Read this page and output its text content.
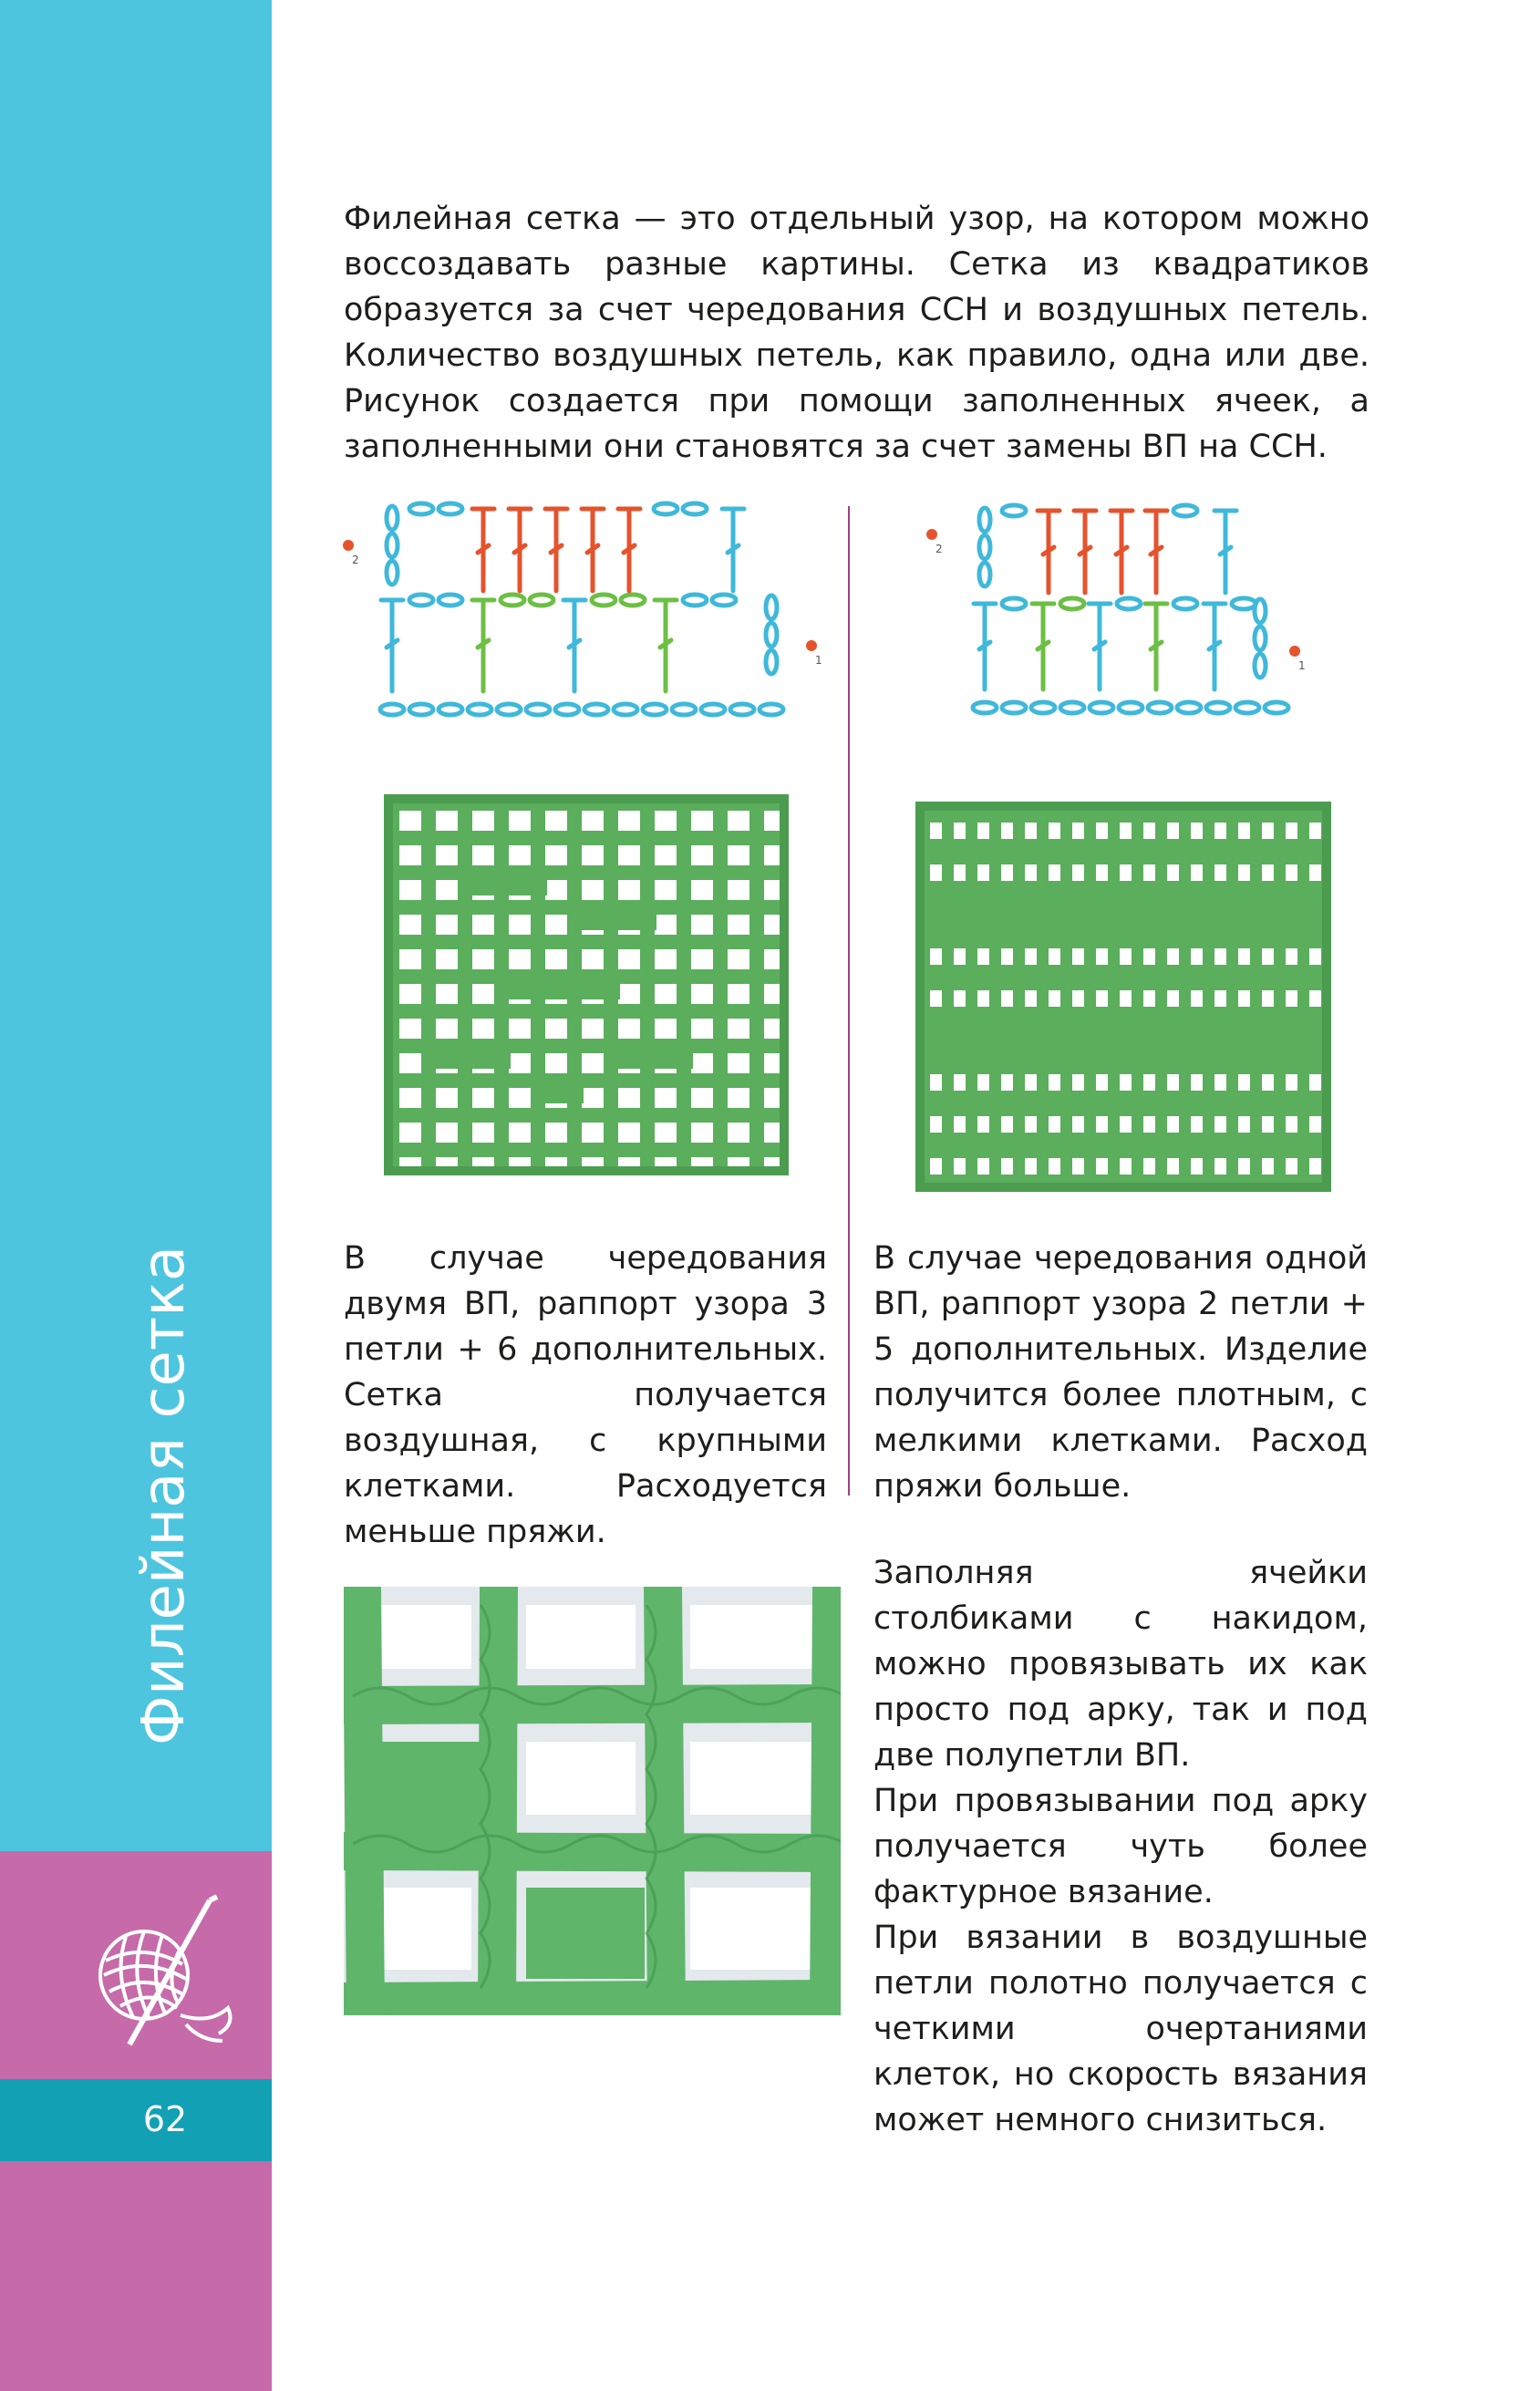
Филейная сетка
62
Филейная сетка — это отдельный узор, на котором можно воссоздавать разные картины. Сетка из квадратиков образуется за счет чередования ССН и воздушных петель. Количество воздушных петель, как правило, одна или две. Рисунок создается при помощи заполненных ячеек, а заполненными они становятся за счет замены ВП на ССН.
2
1
2
1
В случае чередования двумя ВП, раппорт узора 3 петли + 6 дополнительных. Сетка получается воздушная, с крупными клетками. Расходуется меньше пряжи.
В случае чередования одной ВП, раппорт узора 2 петли + 5 дополнительных. Изделие получится более плотным, с мелкими клетками. Расход пряжи больше.

Заполняя ячейки столбиками с накидом, можно провязывать их как просто под арку, так и под две полупетли ВП.

При провязывании под арку получается чуть более фактурное вязание.

При вязании в воздушные петли полотно получается с четкими очертаниями клеток, но скорость вязания может немного снизиться.
